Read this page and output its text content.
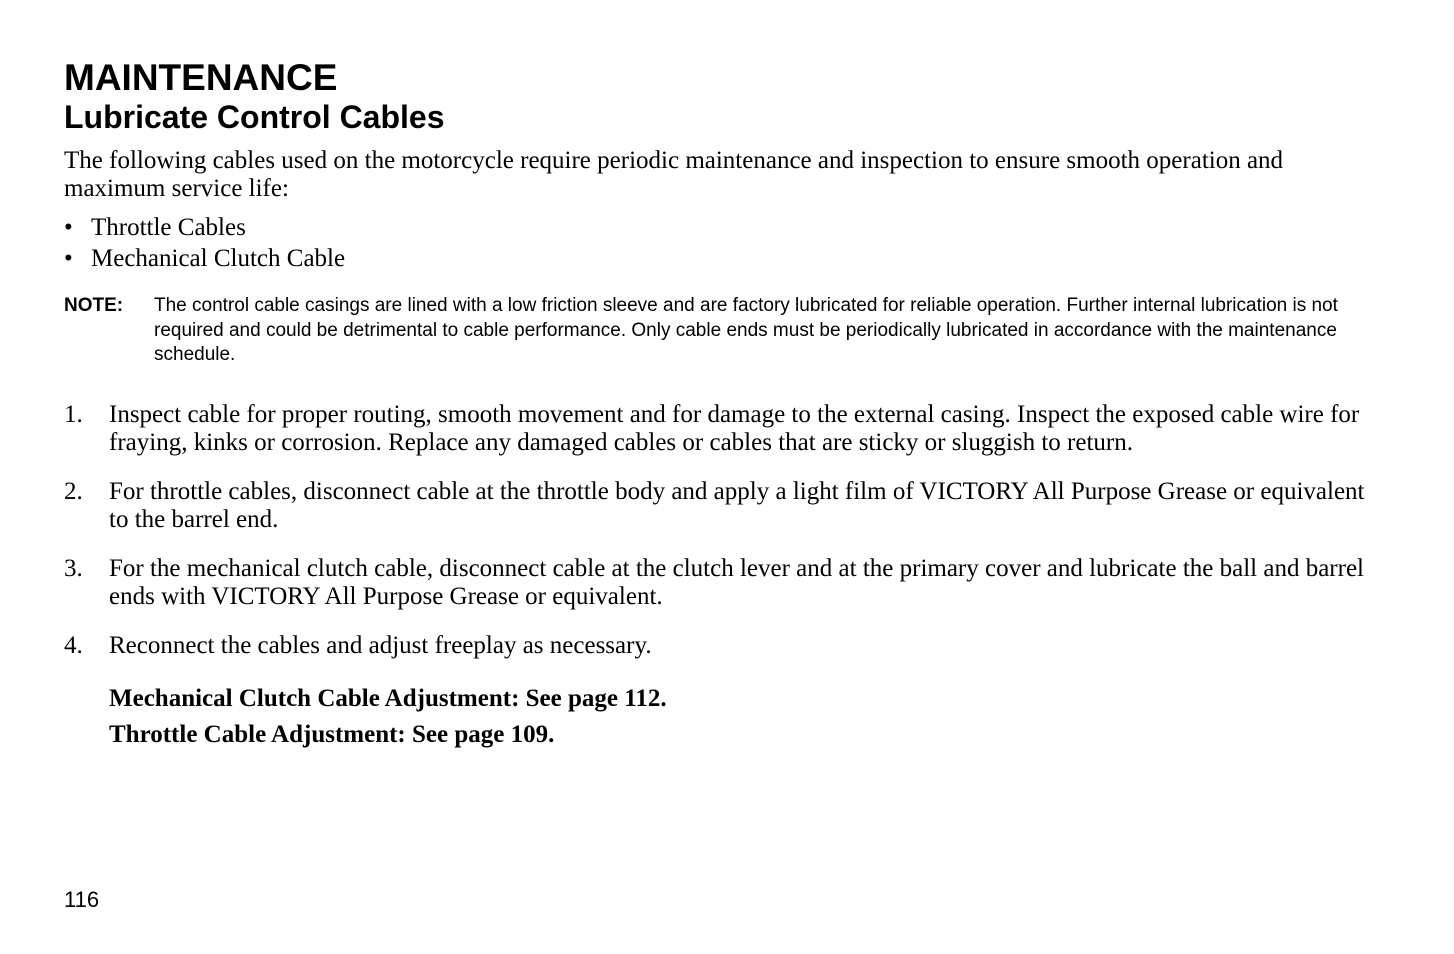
MAINTENANCE
Lubricate Control Cables

The following cables used on the motorcycle require periodic maintenance and inspection to ensure smooth operation and maximum service life:

• Throttle Cables
• Mechanical Clutch Cable
NOTE:	The control cable casings are lined with a low friction sleeve and are factory lubricated for reliable operation. Further internal lubrication is not required and could be detrimental to cable performance. Only cable ends must be periodically lubricated in accordance with the maintenance schedule.
1.	Inspect cable for proper routing, smooth movement and for damage to the external casing. Inspect the exposed cable wire for fraying, kinks or corrosion. Replace any damaged cables or cables that are sticky or sluggish to return.
2.	For throttle cables, disconnect cable at the throttle body and apply a light film of VICTORY All Purpose Grease or equivalent to the barrel end.
3.	For the mechanical clutch cable, disconnect cable at the clutch lever and at the primary cover and lubricate the ball and barrel ends with VICTORY All Purpose Grease or equivalent.
4.	Reconnect the cables and adjust freeplay as necessary.
Mechanical Clutch Cable Adjustment: See page 112.
Throttle Cable Adjustment: See page 109.
116
